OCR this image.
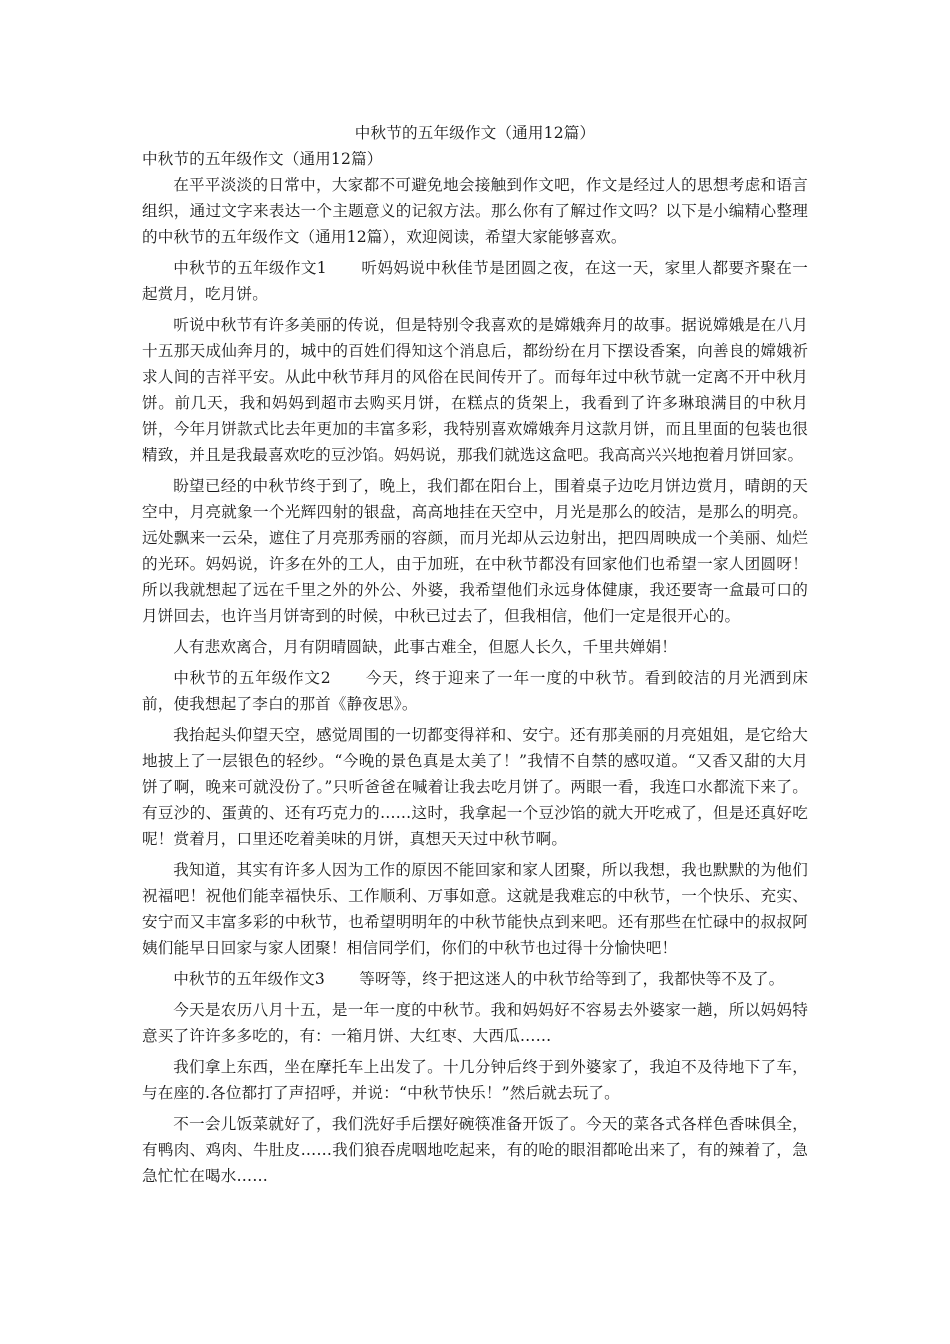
中秋节的五年级作文（通用12篇）

中秋节的五年级作文（通用12篇）

在平平淡淡的日常中，大家都不可避免地会接触到作文吧，作文是经过人的思想考虑和语言组织，通过文字来表达一个主题意义的记叙方法。那么你有了解过作文吗？以下是小编精心整理的中秋节的五年级作文（通用12篇），欢迎阅读，希望大家能够喜欢。

中秋节的五年级作文1 听妈妈说中秋佳节是团圆之夜，在这一天，家里人都要齐聚在一起赏月，吃月饼。

听说中秋节有许多美丽的传说，但是特别令我喜欢的是嫦娥奔月的故事。据说嫦娥是在八月十五那天成仙奔月的，城中的百姓们得知这个消息后，都纷纷在月下摆设香案，向善良的嫦娥祈求人间的吉祥平安。从此中秋节拜月的风俗在民间传开了。而每年过中秋节就一定离不开中秋月饼。前几天，我和妈妈到超市去购买月饼，在糕点的货架上，我看到了许多琳琅满目的中秋月饼，今年月饼款式比去年更加的丰富多彩，我特别喜欢嫦娥奔月这款月饼，而且里面的包装也很精致，并且是我最喜欢吃的豆沙馅。妈妈说，那我们就选这盒吧。我高高兴兴地抱着月饼回家。

盼望已经的中秋节终于到了，晚上，我们都在阳台上，围着桌子边吃月饼边赏月，晴朗的天空中，月亮就象一个光辉四射的银盘，高高地挂在天空中，月光是那么的皎洁，是那么的明亮。远处飘来一云朵，遮住了月亮那秀丽的容颜，而月光却从云边射出，把四周映成一个美丽、灿烂的光环。妈妈说，许多在外的工人，由于加班，在中秋节都没有回家他们也希望一家人团圆呀！所以我就想起了远在千里之外的外公、外婆，我希望他们永远身体健康，我还要寄一盒最可口的月饼回去，也许当月饼寄到的时候，中秋已过去了，但我相信，他们一定是很开心的。

人有悲欢离合，月有阴晴圆缺，此事古难全，但愿人长久，千里共婵娟！

中秋节的五年级作文2 今天，终于迎来了一年一度的中秋节。看到皎洁的月光洒到床前，使我想起了李白的那首《静夜思》。

我抬起头仰望天空，感觉周围的一切都变得祥和、安宁。还有那美丽的月亮姐姐，是它给大地披上了一层银色的轻纱。“今晚的景色真是太美了！”我情不自禁的感叹道。“又香又甜的大月饼了啊，晚来可就没份了。”只听爸爸在喊着让我去吃月饼了。两眼一看，我连口水都流下来了。有豆沙的、蛋黄的、还有巧克力的……这时，我拿起一个豆沙馅的就大开吃戒了，但是还真好吃呢！赏着月，口里还吃着美味的月饼，真想天天过中秋节啊。

我知道，其实有许多人因为工作的原因不能回家和家人团聚，所以我想，我也默默的为他们祝福吧！祝他们能幸福快乐、工作顺利、万事如意。这就是我难忘的中秋节，一个快乐、充实、安宁而又丰富多彩的中秋节，也希望明明年的中秋节能快点到来吧。还有那些在忙碌中的叔叔阿姨们能早日回家与家人团聚！相信同学们，你们的中秋节也过得十分愉快吧！

中秋节的五年级作文3 等呀等，终于把这迷人的中秋节给等到了，我都快等不及了。

今天是农历八月十五，是一年一度的中秋节。我和妈妈好不容易去外婆家一趟，所以妈妈特意买了许许多多吃的，有：一箱月饼、大红枣、大西瓜……

我们拿上东西，坐在摩托车上出发了。十几分钟后终于到外婆家了，我迫不及待地下了车，与在座的.各位都打了声招呼，并说：“中秋节快乐！”然后就去玩了。

不一会儿饭菜就好了，我们洗好手后摆好碗筷准备开饭了。今天的菜各式各样色香味俱全，有鸭肉、鸡肉、牛肚皮……我们狼吞虎咽地吃起来，有的呛的眼泪都呛出来了，有的辣着了，急急忙忙在喝水……
